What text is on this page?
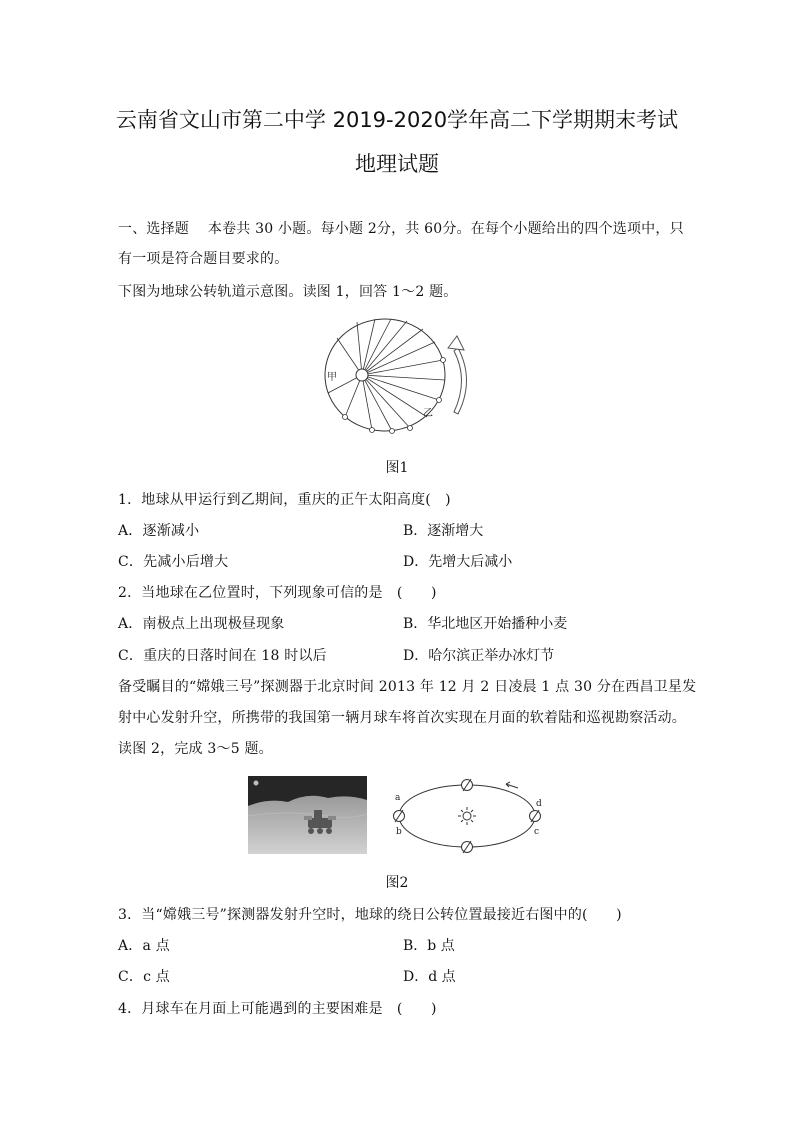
云南省文山市第二中学 2019-2020学年高二下学期期末考试
地理试题
一、选择题　 本卷共 30 小题。每小题 2分，共 60分。在每个小题给出的四个选项中，只
有一项是符合题目要求的。
下图为地球公转轨道示意图。读图 1，回答 1～2 题。
甲
乙
图1
1．地球从甲运行到乙期间，重庆的正午太阳高度(　)
A．逐渐减小	B．逐渐增大
C．先减小后增大	D．先增大后减小
2．当地球在乙位置时，下列现象可信的是　(　　)
A．南极点上出现极昼现象	B．华北地区开始播种小麦
C．重庆的日落时间在 18 时以后	D．哈尔滨正举办冰灯节
备受瞩目的“嫦娥三号”探测器于北京时间 2013 年 12 月 2 日凌晨 1 点 30 分在西昌卫星发
射中心发射升空，所携带的我国第一辆月球车将首次实现在月面的软着陆和巡视勘察活动。
读图 2，完成 3～5 题。
a
b	c
d
图2
3．当“嫦娥三号”探测器发射升空时，地球的绕日公转位置最接近右图中的(　　)
A．a 点	B．b 点
C．c 点	D．d 点
4．月球车在月面上可能遇到的主要困难是　(　　)
